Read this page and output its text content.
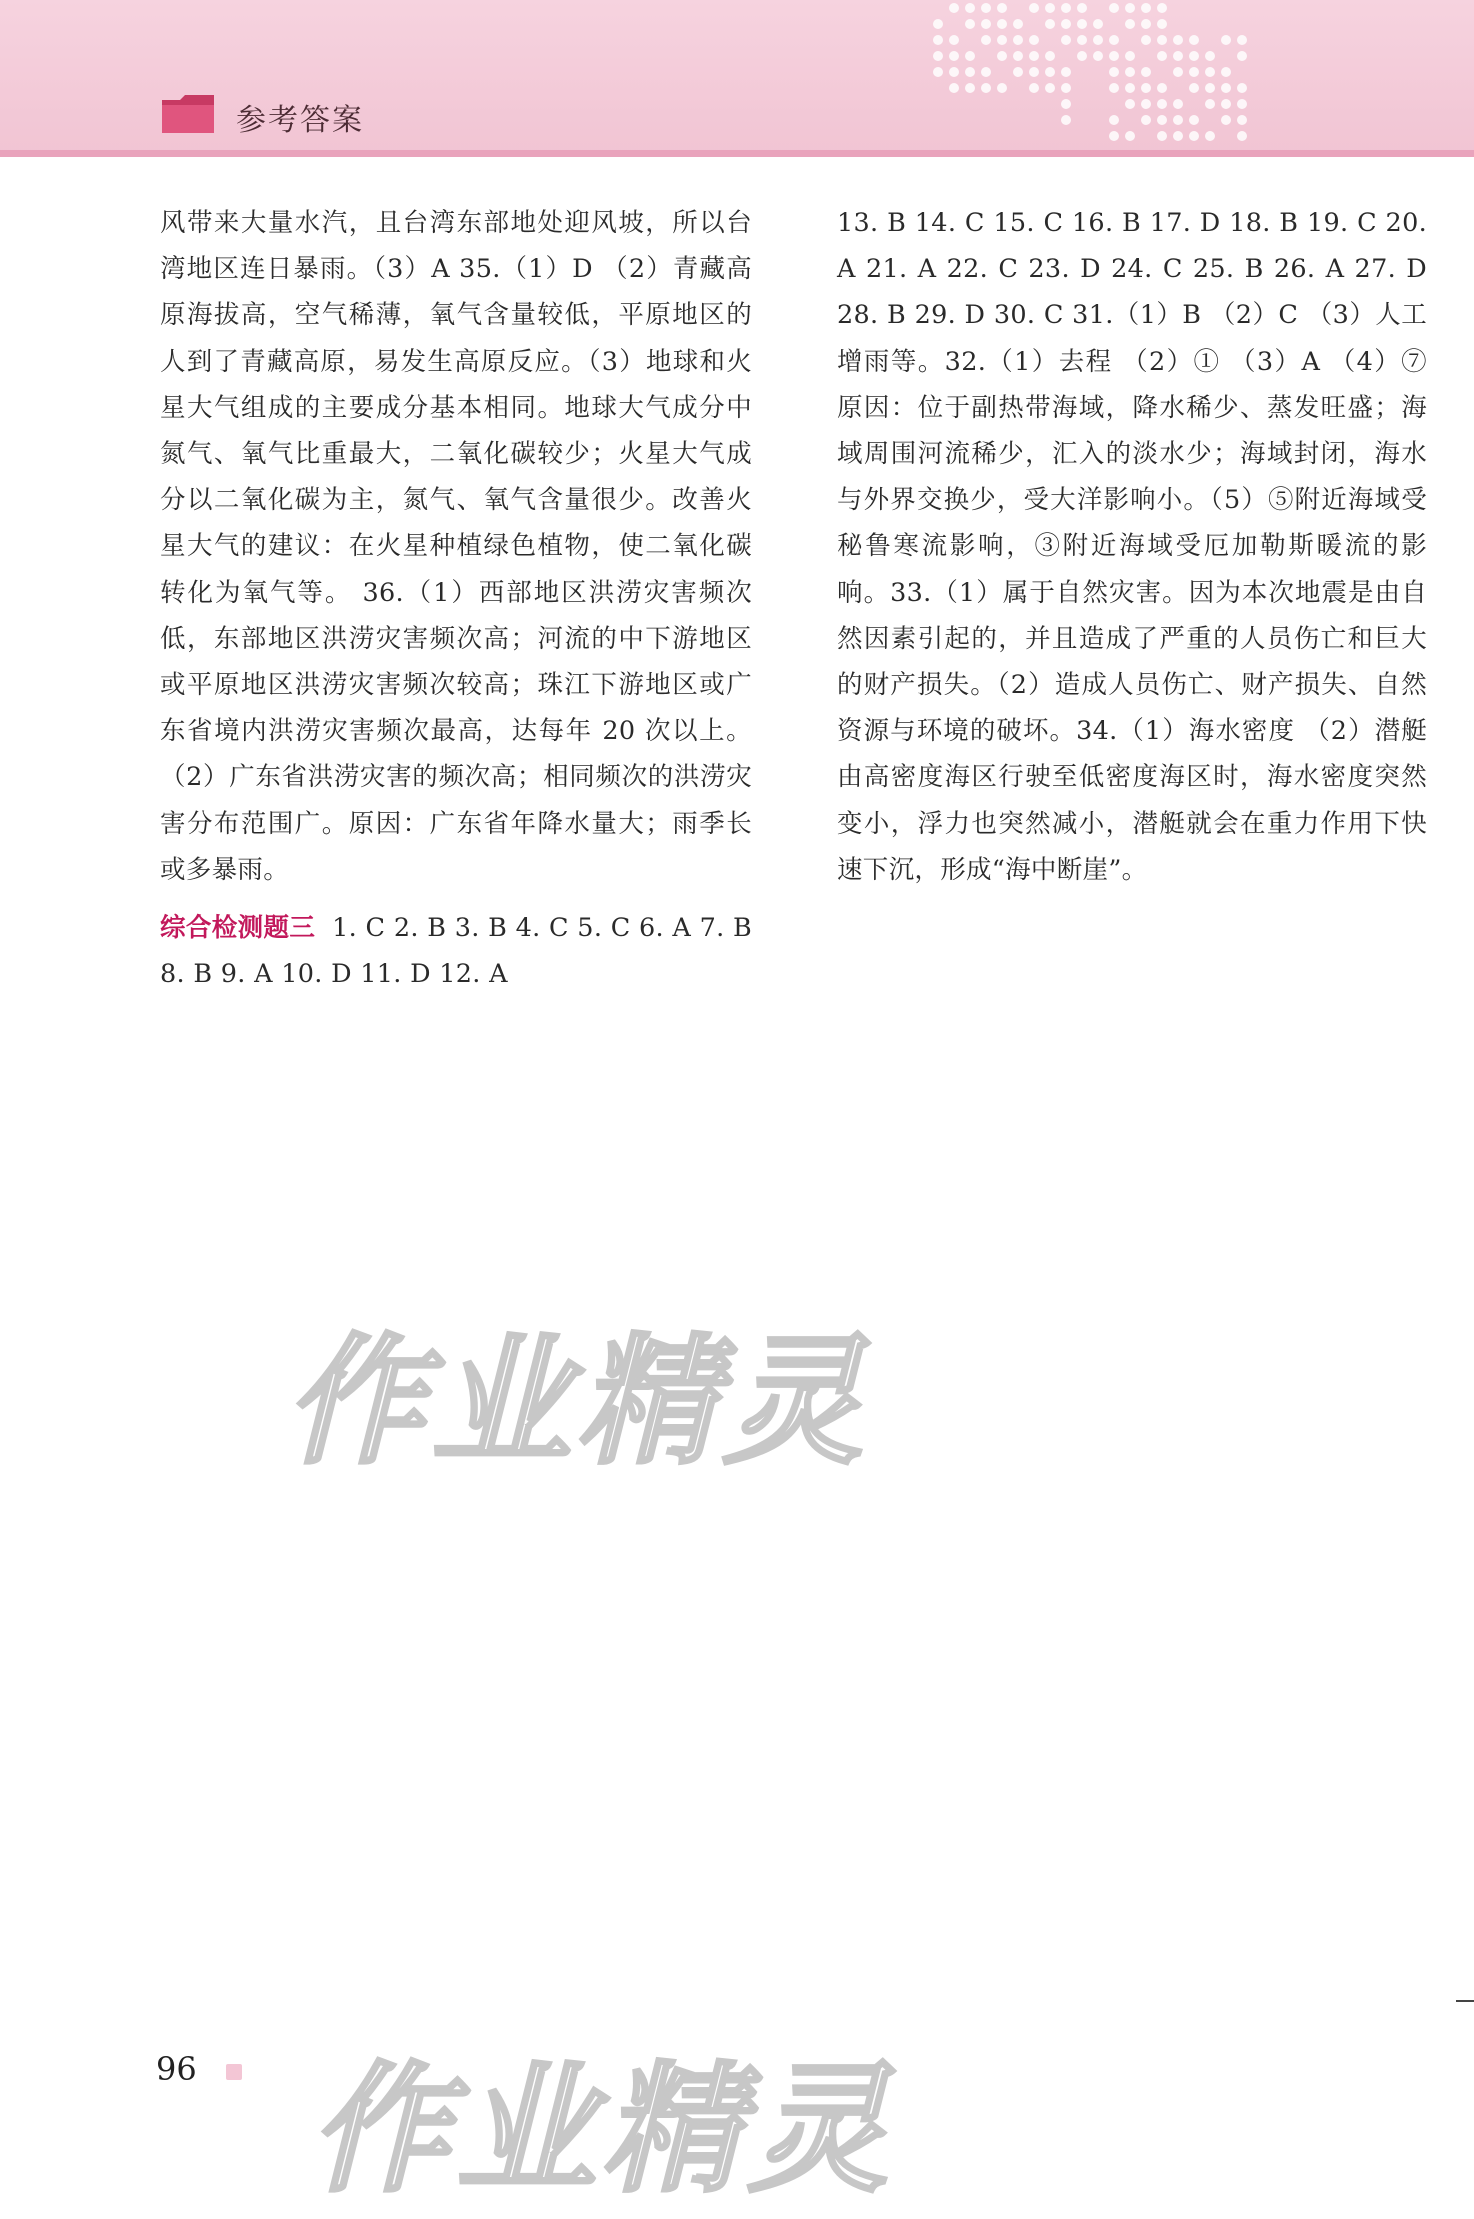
参考答案

风带来大量水汽，且台湾东部地处迎风坡，所以台湾地区连日暴雨。（3）A 35.（1）D （2）青藏高原海拔高，空气稀薄，氧气含量较低，平原地区的人到了青藏高原，易发生高原反应。（3）地球和火星大气组成的主要成分基本相同。地球大气成分中氮气、氧气比重最大，二氧化碳较少；火星大气成分以二氧化碳为主，氮气、氧气含量很少。改善火星大气的建议：在火星种植绿色植物，使二氧化碳转化为氧气等。 36.（1）西部地区洪涝灾害频次低，东部地区洪涝灾害频次高；河流的中下游地区或平原地区洪涝灾害频次较高；珠江下游地区或广东省境内洪涝灾害频次最高，达每年 20 次以上。（2）广东省洪涝灾害的频次高；相同频次的洪涝灾害分布范围广。原因：广东省年降水量大；雨季长或多暴雨。

综合检测题三 1. C 2. B 3. B 4. C 5. C 6. A 7. B 8. B 9. A 10. D 11. D 12. A

13. B 14. C 15. C 16. B 17. D 18. B 19. C 20. A 21. A 22. C 23. D 24. C 25. B 26. A 27. D 28. B 29. D 30. C 31.（1）B （2）C （3）人工增雨等。32.（1）去程 （2）① （3）A （4）⑦ 原因：位于副热带海域，降水稀少、蒸发旺盛；海域周围河流稀少，汇入的淡水少；海域封闭，海水与外界交换少，受大洋影响小。（5）⑤附近海域受秘鲁寒流影响，③附近海域受厄加勒斯暖流的影响。33.（1）属于自然灾害。因为本次地震是由自然因素引起的，并且造成了严重的人员伤亡和巨大的财产损失。（2）造成人员伤亡、财产损失、自然资源与环境的破坏。34.（1）海水密度 （2）潜艇由高密度海区行驶至低密度海区时，海水密度突然变小，浮力也突然减小，潜艇就会在重力作用下快速下沉，形成“海中断崖”。

作业精灵
作业精灵
96
